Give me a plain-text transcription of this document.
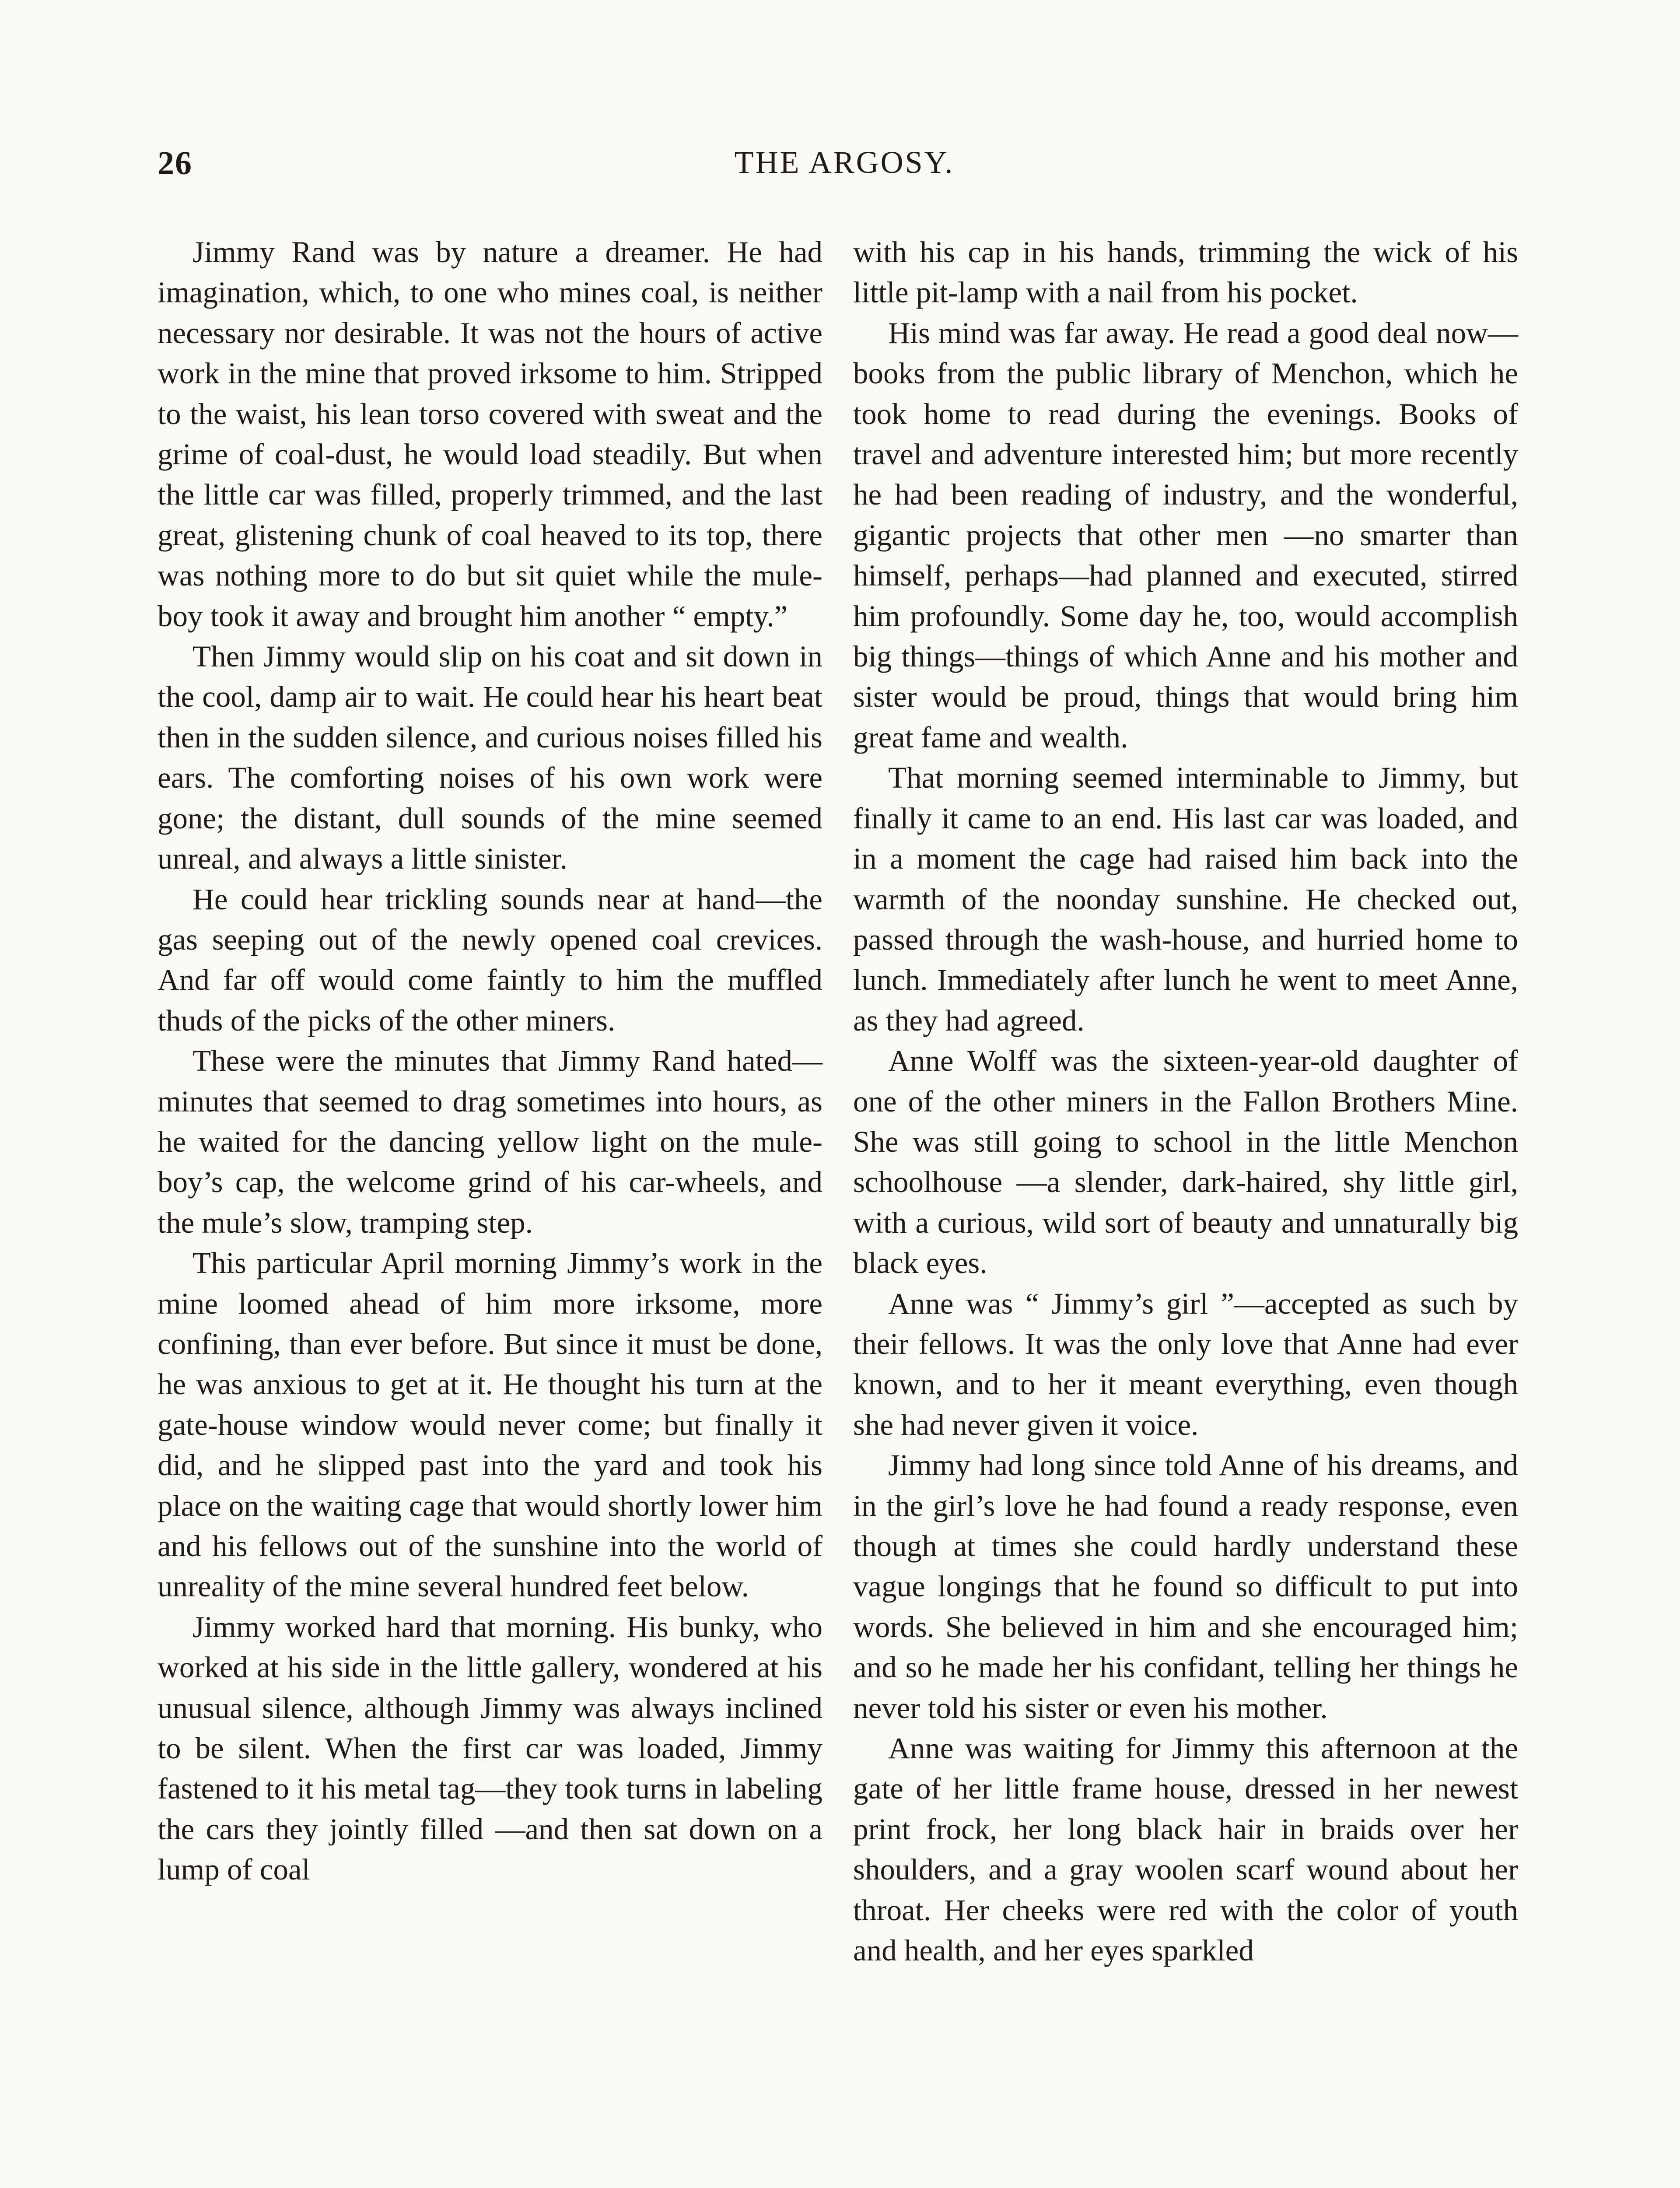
26	THE ARGOSY.

Jimmy Rand was by nature a dreamer. He had imagination, which, to one who mines coal, is neither necessary nor desirable. It was not the hours of active work in the mine that proved irksome to him. Stripped to the waist, his lean torso covered with sweat and the grime of coal-dust, he would load steadily. But when the little car was filled, properly trimmed, and the last great, glistening chunk of coal heaved to its top, there was nothing more to do but sit quiet while the mule-boy took it away and brought him another “ empty.”

Then Jimmy would slip on his coat and sit down in the cool, damp air to wait. He could hear his heart beat then in the sudden silence, and curious noises filled his ears. The comforting noises of his own work were gone; the distant, dull sounds of the mine seemed unreal, and always a little sinister.

He could hear trickling sounds near at hand—the gas seeping out of the newly opened coal crevices. And far off would come faintly to him the muffled thuds of the picks of the other miners.

These were the minutes that Jimmy Rand hated—minutes that seemed to drag sometimes into hours, as he waited for the dancing yellow light on the mule-boy’s cap, the welcome grind of his car-wheels, and the mule’s slow, tramping step.

This particular April morning Jimmy’s work in the mine loomed ahead of him more irksome, more confining, than ever before. But since it must be done, he was anxious to get at it. He thought his turn at the gate-house window would never come; but finally it did, and he slipped past into the yard and took his place on the waiting cage that would shortly lower him and his fellows out of the sunshine into the world of unreality of the mine several hundred feet below.

Jimmy worked hard that morning. His bunky, who worked at his side in the little gallery, wondered at his unusual silence, although Jimmy was always inclined to be silent. When the first car was loaded, Jimmy fastened to it his metal tag—they took turns in labeling the cars they jointly filled —and then sat down on a lump of coal

with his cap in his hands, trimming the wick of his little pit-lamp with a nail from his pocket.

His mind was far away. He read a good deal now—books from the public library of Menchon, which he took home to read during the evenings. Books of travel and adventure interested him; but more recently he had been reading of industry, and the wonderful, gigantic projects that other men —no smarter than himself, perhaps—had planned and executed, stirred him profoundly. Some day he, too, would accomplish big things—things of which Anne and his mother and sister would be proud, things that would bring him great fame and wealth.

That morning seemed interminable to Jimmy, but finally it came to an end. His last car was loaded, and in a moment the cage had raised him back into the warmth of the noonday sunshine. He checked out, passed through the wash-house, and hurried home to lunch. Immediately after lunch he went to meet Anne, as they had agreed.

Anne Wolff was the sixteen-year-old daughter of one of the other miners in the Fallon Brothers Mine. She was still going to school in the little Menchon schoolhouse —a slender, dark-haired, shy little girl, with a curious, wild sort of beauty and unnaturally big black eyes.

Anne was “ Jimmy’s girl ”—accepted as such by their fellows. It was the only love that Anne had ever known, and to her it meant everything, even though she had never given it voice.

Jimmy had long since told Anne of his dreams, and in the girl’s love he had found a ready response, even though at times she could hardly understand these vague longings that he found so difficult to put into words. She believed in him and she encouraged him; and so he made her his confidant, telling her things he never told his sister or even his mother.

Anne was waiting for Jimmy this afternoon at the gate of her little frame house, dressed in her newest print frock, her long black hair in braids over her shoulders, and a gray woolen scarf wound about her throat. Her cheeks were red with the color of youth and health, and her eyes sparkled
